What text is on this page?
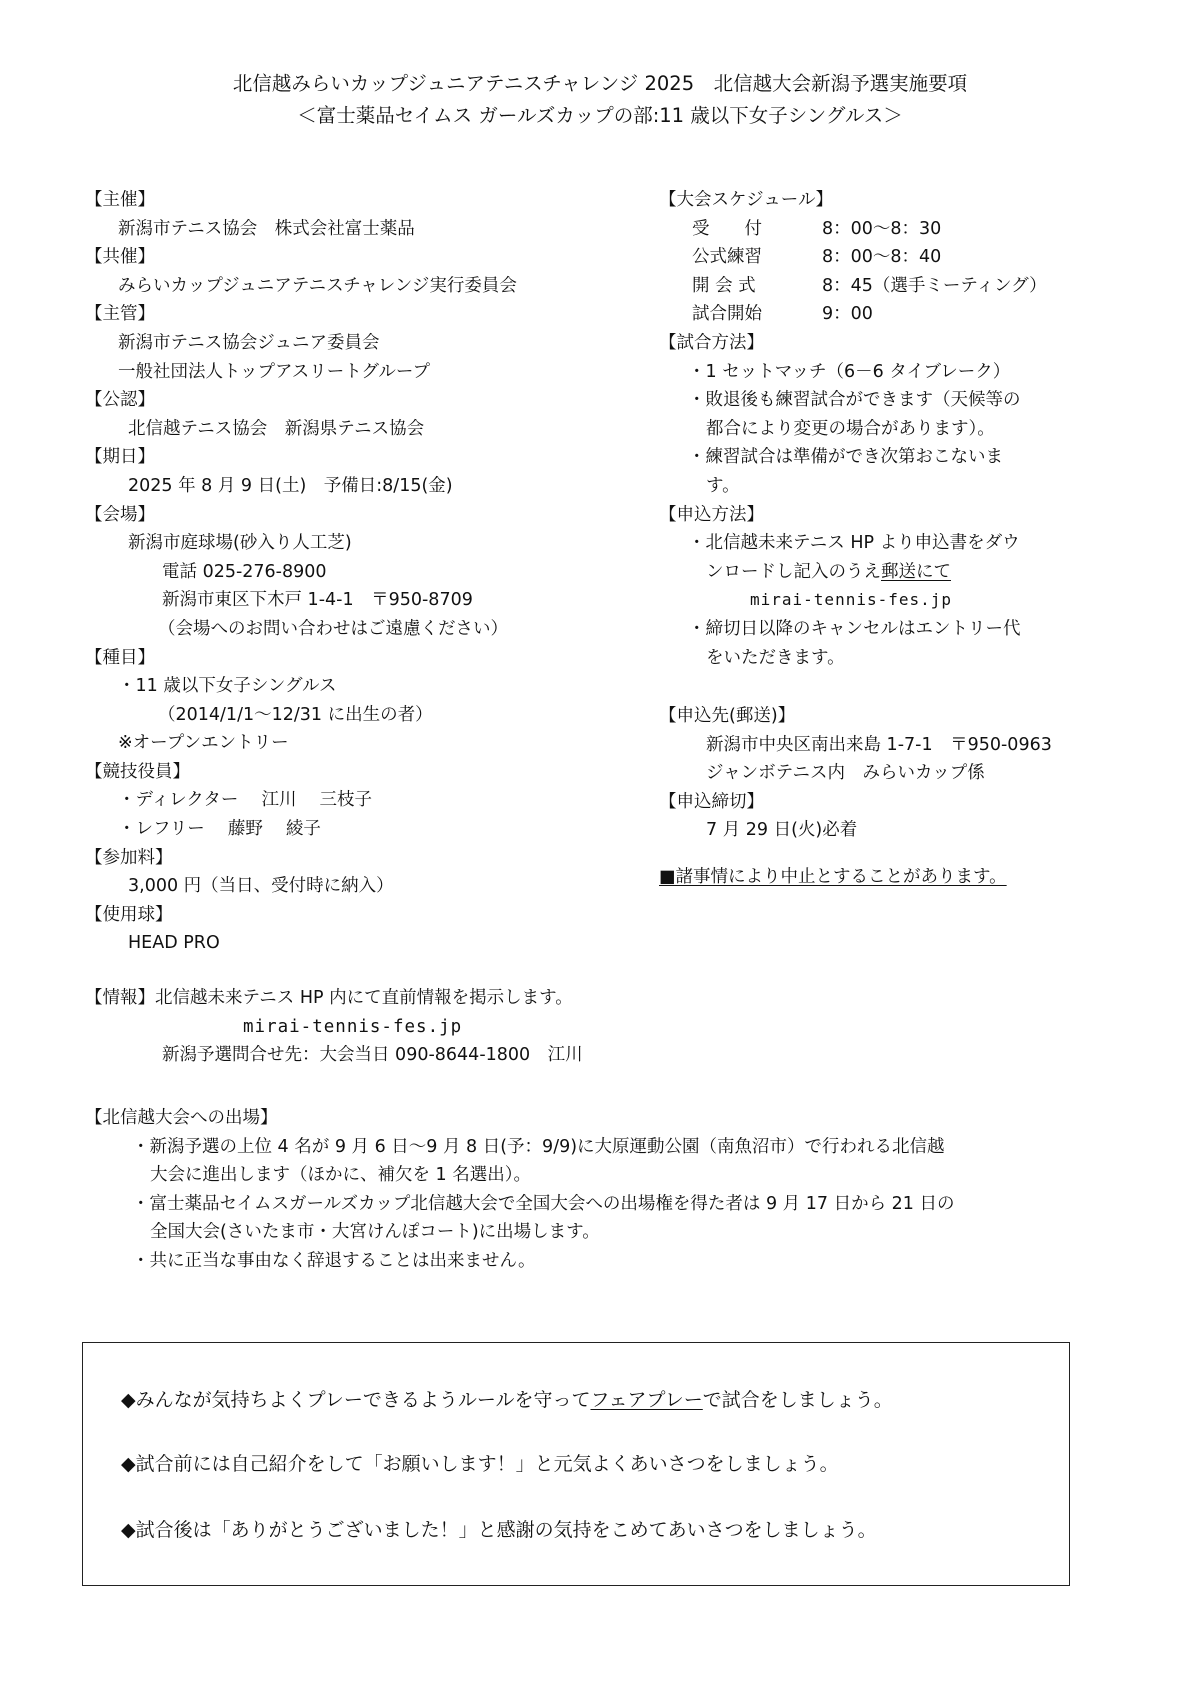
北信越みらいカップジュニアテニスチャレンジ 2025　北信越大会新潟予選実施要項
＜富士薬品セイムス ガールズカップの部:11 歳以下女子シングルス＞
【主催】
新潟市テニス協会　株式会社富士薬品
【共催】
みらいカップジュニアテニスチャレンジ実行委員会
【主管】
新潟市テニス協会ジュニア委員会
一般社団法人トップアスリートグループ
【公認】
北信越テニス協会　新潟県テニス協会
【期日】
2025 年 8 月 9 日(土)　予備日:8/15(金)
【会場】
新潟市庭球場(砂入り人工芝)
電話 025-276-8900
新潟市東区下木戸 1-4-1　〒950-8709
（会場へのお問い合わせはご遠慮ください）
【種目】
・11 歳以下女子シングルス
（2014/1/1～12/31 に出生の者）
※オープンエントリー
【競技役員】
・ディレクター　 江川　 三枝子
・レフリー　 藤野　 綾子
【参加料】
3,000 円（当日、受付時に納入）
【使用球】
HEAD PRO
【大会スケジュール】
受　　付	8：00～8：30
公式練習	8：00～8：40
開 会 式	8：45（選手ミーティング）
試合開始	9：00
【試合方法】
・1 セットマッチ（6－6 タイブレーク）
・敗退後も練習試合ができます（天候等の
都合により変更の場合があります）。
・練習試合は準備ができ次第おこないま
す。
【申込方法】
・北信越未来テニス HP より申込書をダウ
ンロードし記入のうえ郵送にて
mirai-tennis-fes.jp
・締切日以降のキャンセルはエントリー代
をいただきます。
【申込先(郵送)】
新潟市中央区南出来島 1-7-1　〒950-0963
ジャンボテニス内　みらいカップ係
【申込締切】
7 月 29 日(火)必着
■諸事情により中止とすることがあります。
【情報】北信越未来テニス HP 内にて直前情報を掲示します。
mirai-tennis-fes.jp
新潟予選問合せ先：大会当日 090-8644-1800　江川
【北信越大会への出場】
・新潟予選の上位 4 名が 9 月 6 日～9 月 8 日(予：9/9)に大原運動公園（南魚沼市）で行われる北信越
大会に進出します（ほかに、補欠を 1 名選出）。
・富士薬品セイムスガールズカップ北信越大会で全国大会への出場権を得た者は 9 月 17 日から 21 日の
全国大会(さいたま市・大宮けんぽコート)に出場します。
・共に正当な事由なく辞退することは出来ません。
◆みんなが気持ちよくプレーできるようルールを守ってフェアプレーで試合をしましょう。
◆試合前には自己紹介をして「お願いします！」と元気よくあいさつをしましょう。
◆試合後は「ありがとうございました！」と感謝の気持をこめてあいさつをしましょう。
